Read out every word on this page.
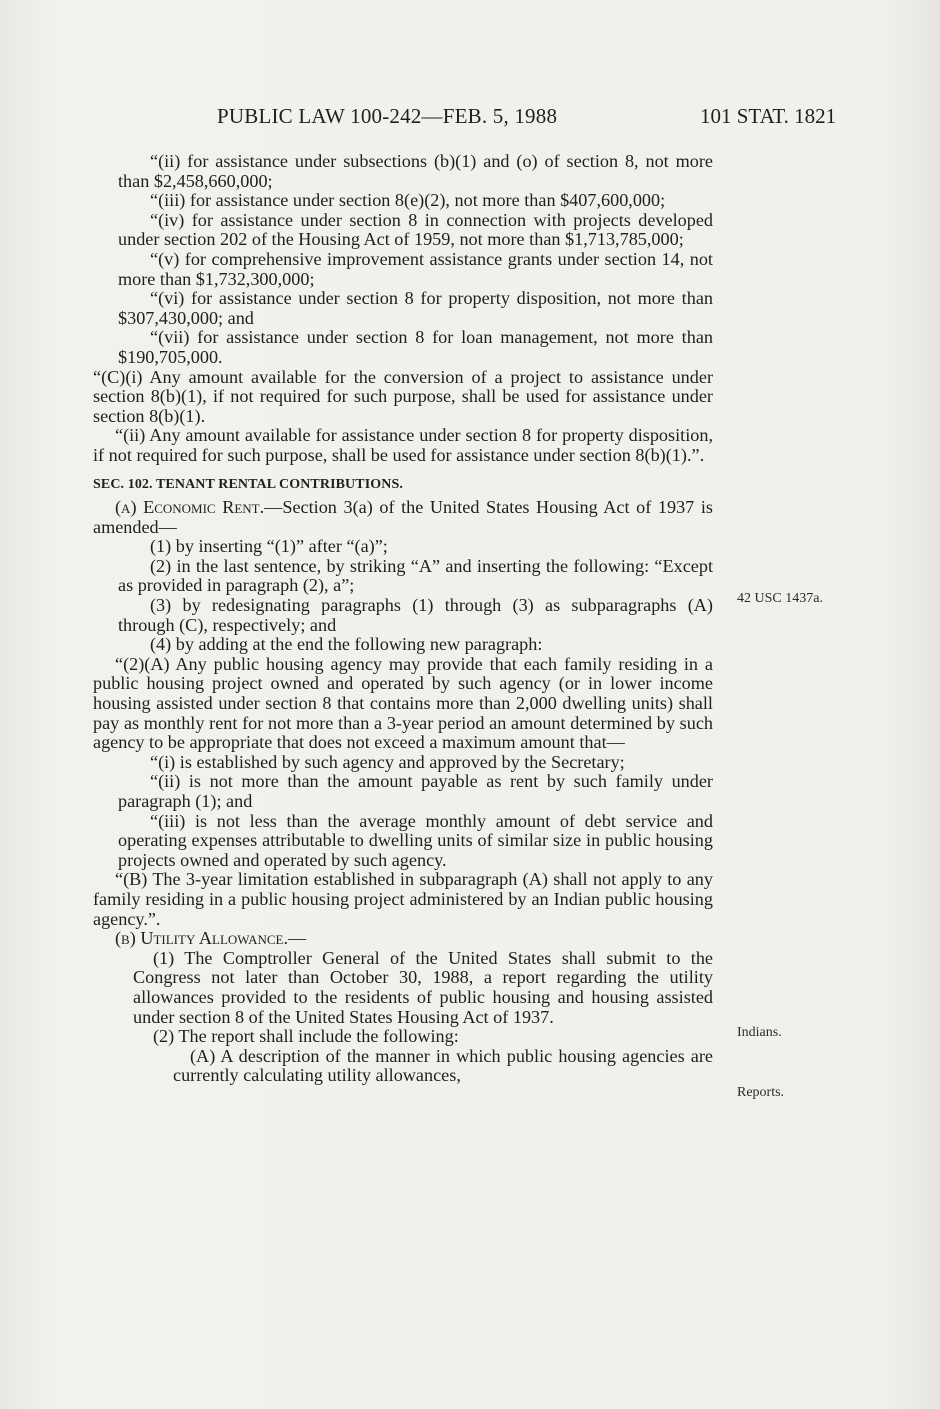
PUBLIC LAW 100-242—FEB. 5, 1988	101 STAT. 1821

“(ii) for assistance under subsections (b)(1) and (o) of section 8, not more than $2,458,660,000;

“(iii) for assistance under section 8(e)(2), not more than $407,600,000;

“(iv) for assistance under section 8 in connection with projects developed under section 202 of the Housing Act of 1959, not more than $1,713,785,000;

“(v) for comprehensive improvement assistance grants under section 14, not more than $1,732,300,000;

“(vi) for assistance under section 8 for property disposition, not more than $307,430,000; and

“(vii) for assistance under section 8 for loan management, not more than $190,705,000.

“(C)(i) Any amount available for the conversion of a project to assistance under section 8(b)(1), if not required for such purpose, shall be used for assistance under section 8(b)(1).

“(ii) Any amount available for assistance under section 8 for property disposition, if not required for such purpose, shall be used for assistance under section 8(b)(1).”.

SEC. 102. TENANT RENTAL CONTRIBUTIONS.

(a) Economic Rent.—Section 3(a) of the United States Housing Act of 1937 is amended—

(1) by inserting “(1)” after “(a)”;

(2) in the last sentence, by striking “A” and inserting the following: “Except as provided in paragraph (2), a”;

(3) by redesignating paragraphs (1) through (3) as subparagraphs (A) through (C), respectively; and

(4) by adding at the end the following new paragraph:

“(2)(A) Any public housing agency may provide that each family residing in a public housing project owned and operated by such agency (or in lower income housing assisted under section 8 that contains more than 2,000 dwelling units) shall pay as monthly rent for not more than a 3-year period an amount determined by such agency to be appropriate that does not exceed a maximum amount that—

“(i) is established by such agency and approved by the Secretary;

“(ii) is not more than the amount payable as rent by such family under paragraph (1); and

“(iii) is not less than the average monthly amount of debt service and operating expenses attributable to dwelling units of similar size in public housing projects owned and operated by such agency.

“(B) The 3-year limitation established in subparagraph (A) shall not apply to any family residing in a public housing project administered by an Indian public housing agency.”.

(b) Utility Allowance.—

(1) The Comptroller General of the United States shall submit to the Congress not later than October 30, 1988, a report regarding the utility allowances provided to the residents of public housing and housing assisted under section 8 of the United States Housing Act of 1937.

(2) The report shall include the following:

(A) A description of the manner in which public housing agencies are currently calculating utility allowances,

42 USC 1437a.
Indians.
Reports.
